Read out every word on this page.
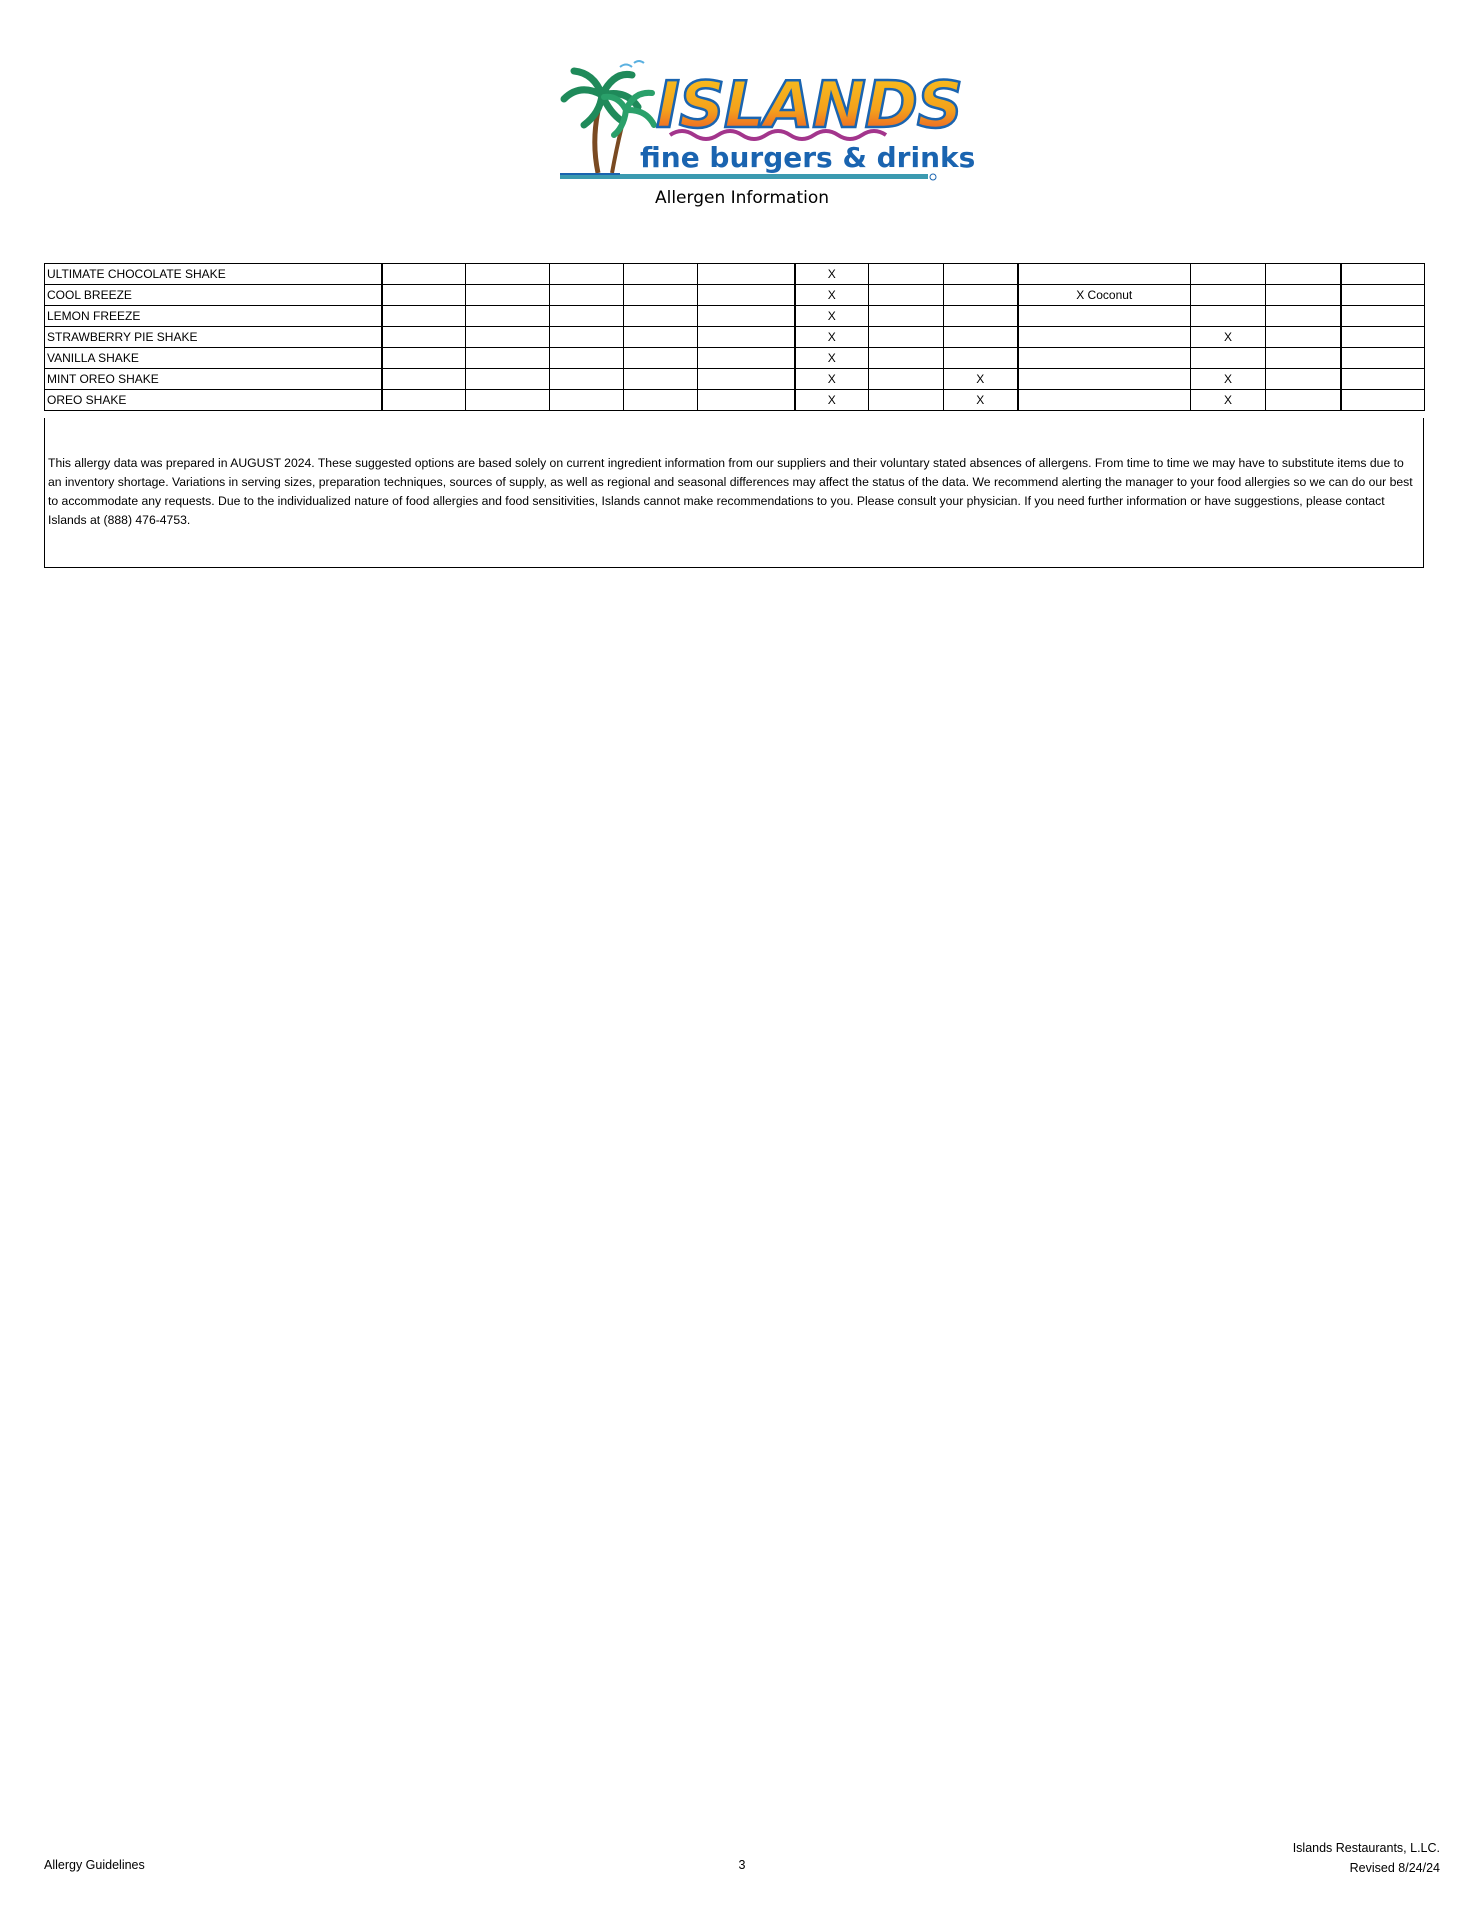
ISLANDS
fine burgers & drinks
Allergen Information
ULTIMATE CHOCOLATE SHAKE						X						
COOL BREEZE						X			X Coconut			
LEMON FREEZE						X						
STRAWBERRY PIE SHAKE						X				X		
VANILLA SHAKE						X						
MINT OREO SHAKE						X		X		X		
OREO SHAKE						X		X		X		
This allergy data was prepared in AUGUST 2024. These suggested options are based solely on current ingredient information from our suppliers and their voluntary stated absences of allergens. From time to time we may have to substitute items due to an inventory shortage. Variations in serving sizes, preparation techniques, sources of supply, as well as regional and seasonal differences may affect the status of the data. We recommend alerting the manager to your food allergies so we can do our best to accommodate any requests. Due to the individualized nature of food allergies and food sensitivities, Islands cannot make recommendations to you. Please consult your physician. If you need further information or have suggestions, please contact Islands at (888) 476-4753.
Allergy Guidelines	3
Islands Restaurants, L.LC.
Revised 8/24/24
